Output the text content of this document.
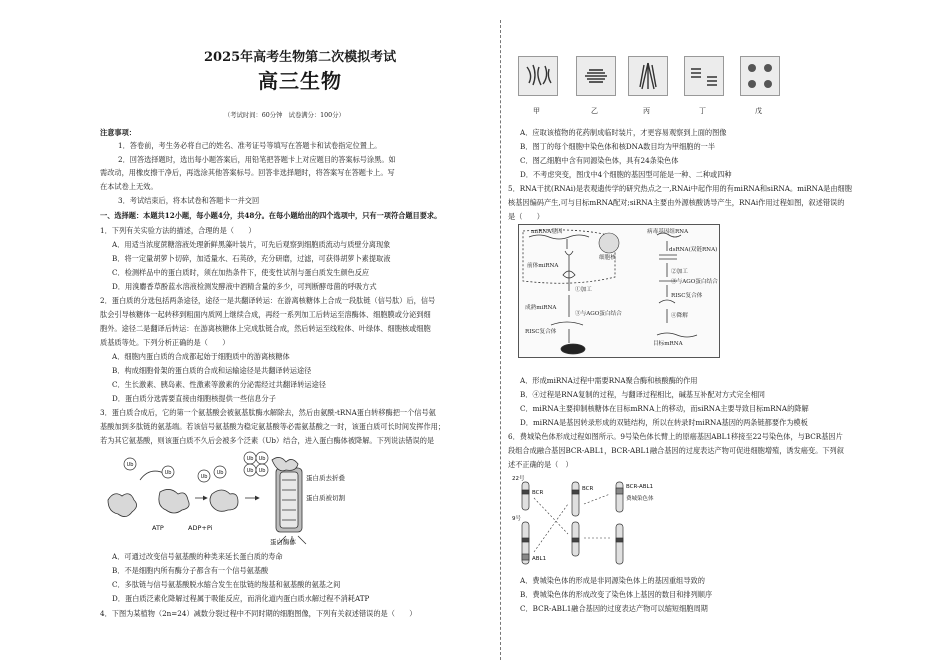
2025年高考生物第二次模拟考试
高三生物
（考试时间：60分钟　试卷满分：100分）
注意事项：
1．答卷前，考生务必将自己的姓名、准考证号等填写在答题卡和试卷指定位置上。
2．回答选择题时，选出每小题答案后，用铅笔把答题卡上对应题目的答案标号涂黑。如
需改动，用橡皮擦干净后，再选涂其他答案标号。回答非选择题时，将答案写在答题卡上。写
在本试卷上无效。
3．考试结束后，将本试卷和答题卡一并交回
一、选择题：本题共12小题，每小题4分，共48分。在每小题给出的四个选项中，只有一项符合题目要求。
1．下列有关实验方法的描述，合理的是（　　）
A．用适当浓度蔗糖溶液处理新鲜黑藻叶装片，可先后观察到细胞质流动与质壁分离现象
B．将一定量胡萝卜切碎，加适量水、石英砂，充分研磨，过滤，可获得胡萝卜素提取液
C．检测样品中的蛋白质时，须在加热条件下，使变性试剂与蛋白质发生颜色反应
D．用溴麝香草酚蓝水溶液检测发酵液中酒精含量的多少，可判断酵母菌的呼吸方式
2．蛋白质的分选包括两条途径，途径一是共翻译转运：在游离核糖体上合成一段肽链（信号肽）后，信号
肽会引导核糖体一起转移到粗面内质网上继续合成，再经一系列加工后转运至溶酶体、细胞膜或分泌到细
胞外。途径二是翻译后转运：在游离核糖体上完成肽链合成，然后转运至线粒体、叶绿体、细胞核或细胞
质基质等处。下列分析正确的是（　　）
A．细胞内蛋白质的合成都起始于细胞质中的游离核糖体
B．构成细胞骨架的蛋白质的合成和运输途径是共翻译转运途径
C．生长激素、胰岛素、性激素等激素的分泌需经过共翻译转运途径
D．蛋白质分选需要直接由细胞核提供一些信息分子
3．蛋白质合成后，它的第一个氨基酸会被氨基肽酶水解除去，然后由氨酰-tRNA蛋白转移酶把一个信号氨
基酸加到多肽链的氨基端。若该信号氨基酸为稳定氨基酸等必需氨基酸之一时，该蛋白质可长时间发挥作用；
若为其它氨基酸，则该蛋白质不久后会被多个泛素（Ub）结合，进入蛋白酶体被降解。下列说法错误的是
Ub
Ub
Ub
Ub
Ub Ub
Ub Ub
蛋白质去折叠
蛋白质被切割
蛋白酶体
ATP	ADP+Pi
A．可通过改变信号氨基酸的种类来延长蛋白质的寿命
B．不是细胞内所有酶分子都含有一个信号氨基酸
C．多肽链与信号氨基酸脱水缩合发生在肽链的羧基和氨基酸的氨基之间
D．蛋白质泛素化降解过程属于吸能反应，而消化道内蛋白质水解过程不消耗ATP
4．下图为某植物（2n=24）减数分裂过程中不同时期的细胞图像，下列有关叙述错误的是（　　）
甲	乙	丙	丁	戊
A．应取该植物的花药制成临时装片，才更容易观察到上面的图像
B．图丁的每个细胞中染色体和核DNA数目均为甲细胞的一半
C．图乙细胞中含有同源染色体，具有24条染色体
D．不考虑突变，图戊中4个细胞的基因型可能是一种、二种或四种
5．RNA干扰(RNAi)是表观遗传学的研究热点之一,RNAi中起作用的有miRNA和siRNA。miRNA是由细胞
核基因编码产生,可与目标mRNA配对;siRNA主要由外源核酸诱导产生，RNAi作用过程如图，叙述错误的
是（　　）
miRNA基因
细胞核
前体miRNA
①加工
成熟miRNA
③与AGO蛋白结合
RISC复合体
病毒基因组RNA
dsRNA(双链RNA)
②加工
③与AGO蛋白结合
RISC复合体
④降解
目标mRNA
A．形成miRNA过程中需要RNA聚合酶和核酸酶的作用
B．④过程是RNA复制的过程，与翻译过程相比，碱基互补配对方式完全相同
C．miRNA主要抑制核糖体在目标mRNA上的移动，而siRNA主要导致目标mRNA的降解
D．miRNA是基因转录形成的双链结构，所以在转录时miRNA基因的两条链都要作为模板
6．费城染色体形成过程如图所示。9号染色体长臂上的原癌基因ABL1移接至22号染色体，与BCR基因片
段组合成融合基因BCR-ABL1，BCR-ABL1融合基因的过度表达产物可促进细胞增殖，诱发癌变。下列叙
述不正确的是（　）
22号
9号
BCR
BCR
ABL1
BCR-ABL1
费城染色体
A．费城染色体的形成是非同源染色体上的基因重组导致的
B．费城染色体的形成改变了染色体上基因的数目和排列顺序
C．BCR-ABL1融合基因的过度表达产物可以缩短细胞周期
